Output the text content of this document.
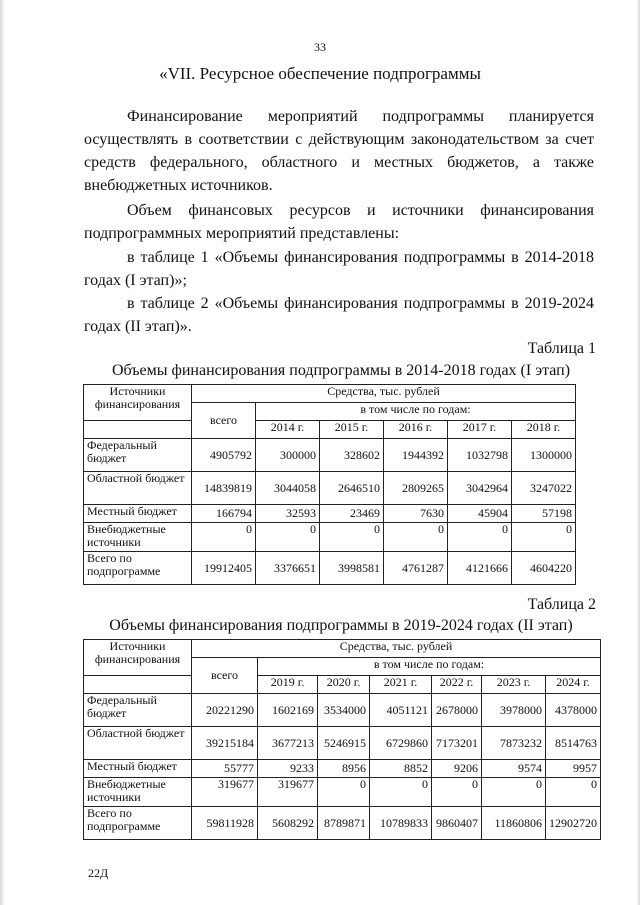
33
«VII. Ресурсное обеспечение подпрограммы

Финансирование мероприятий подпрограммы планируется осуществлять в соответствии с действующим законодательством за счет средств федерального, областного и местных бюджетов, а также внебюджетных источников.

Объем финансовых ресурсов и источники финансирования подпрограммных мероприятий представлены:

в таблице 1 «Объемы финансирования подпрограммы в 2014-2018 годах (I этап)»;

в таблице 2 «Объемы финансирования подпрограммы в 2019-2024 годах (II этап)».

Таблица 1
Объемы финансирования подпрограммы в 2014-2018 годах (I этап)
Источники финансирования	Средства, тыс. рублей					
	всего	в том числе по годам:				
		2014 г.	2015 г.	2016 г.	2017 г.	2018 г.
Федеральный бюджет	4905792	300000	328602	1944392	1032798	1300000
Областной бюджет	14839819	3044058	2646510	2809265	3042964	3247022
Местный бюджет	166794	32593	23469	7630	45904	57198
Внебюджетные источники	0	0	0	0	0	0
Всего по подпрограмме	19912405	3376651	3998581	4761287	4121666	4604220
Таблица 2
Объемы финансирования подпрограммы в 2019-2024 годах (II этап)
Источники финансирования	Средства, тыс. рублей						
	всего	в том числе по годам:					
		2019 г.	2020 г.	2021 г.	2022 г.	2023 г.	2024 г.
Федеральный бюджет	20221290	1602169	3534000	4051121	2678000	3978000	4378000
Областной бюджет	39215184	3677213	5246915	6729860	7173201	7873232	8514763
Местный бюджет	55777	9233	8956	8852	9206	9574	9957
Внебюджетные источники	319677	319677	0	0	0	0	0
Всего по подпрограмме	59811928	5608292	8789871	10789833	9860407	11860806	12902720
22Д
